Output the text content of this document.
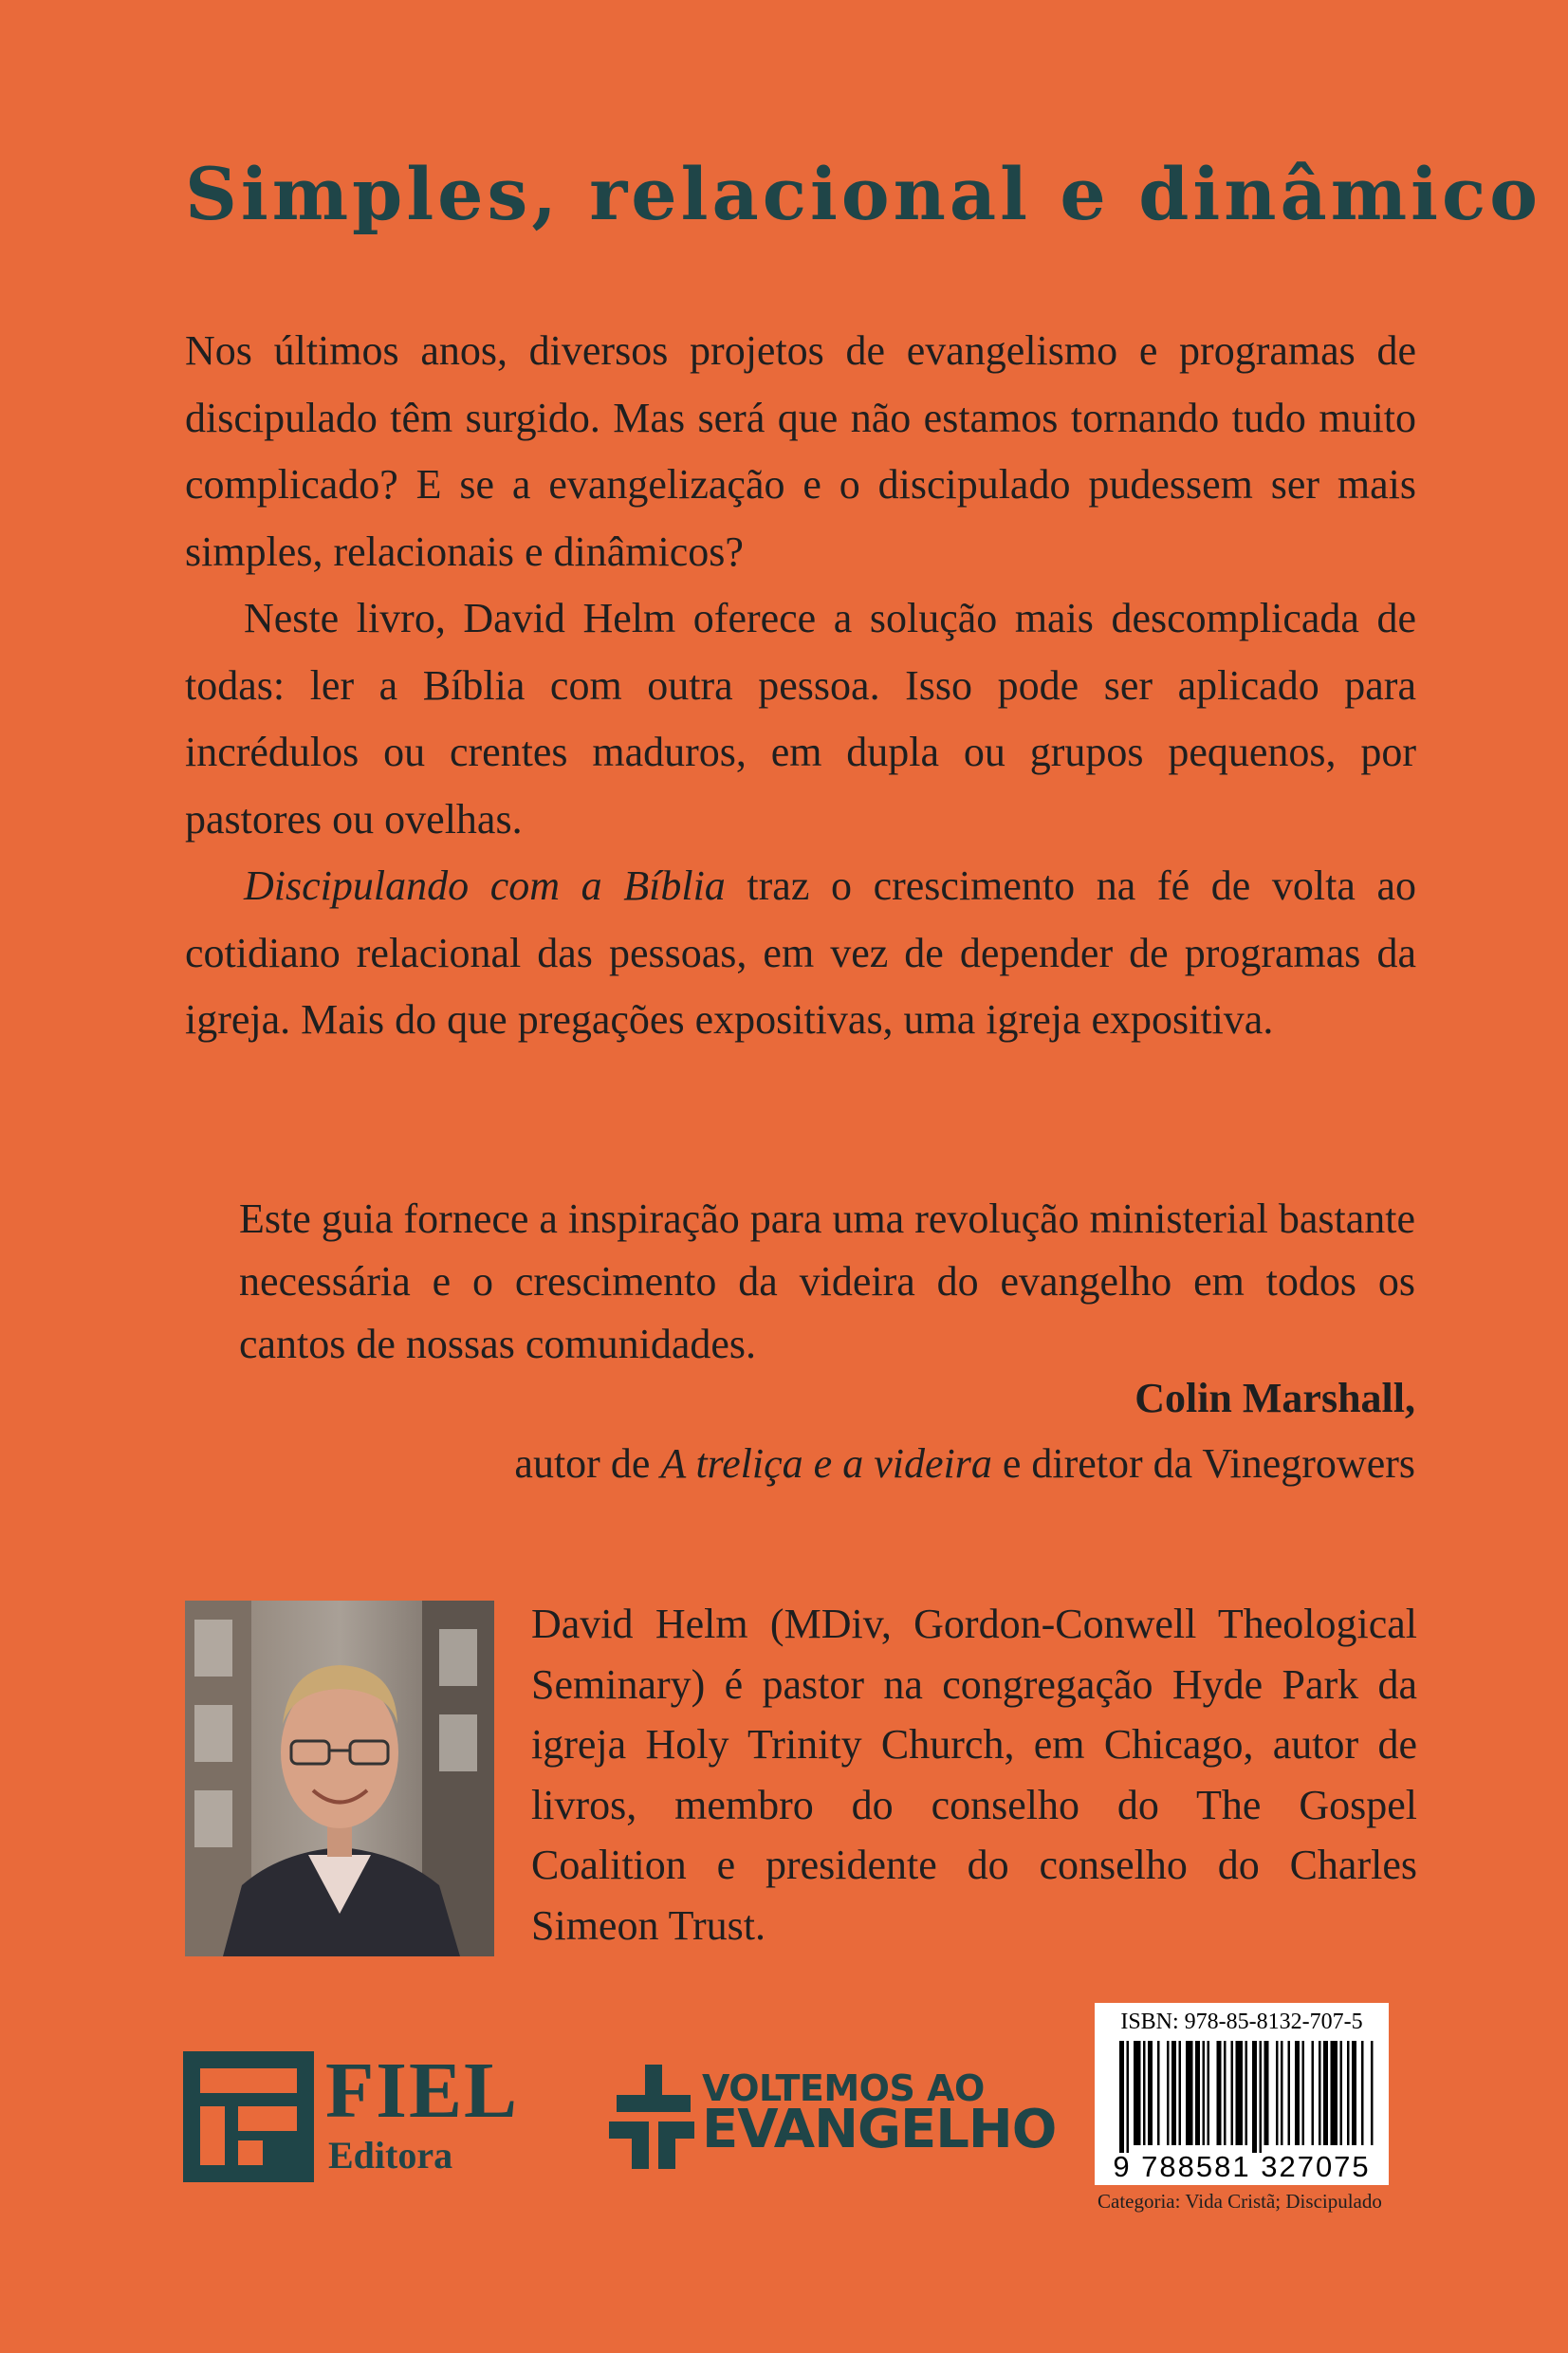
Simples, relacional e dinâmico

Nos últimos anos, diversos projetos de evangelismo e programas de discipulado têm surgido. Mas será que não estamos tornando tudo muito complicado? E se a evangelização e o discipulado pudessem ser mais simples, relacionais e dinâmicos?

Neste livro, David Helm oferece a solução mais descomplicada de todas: ler a Bíblia com outra pessoa. Isso pode ser aplicado para incrédulos ou crentes maduros, em dupla ou grupos pequenos, por pastores ou ovelhas.

Discipulando com a Bíblia traz o crescimento na fé de volta ao cotidiano relacional das pessoas, em vez de depender de programas da igreja. Mais do que pregações expositivas, uma igreja expositiva.

Este guia fornece a inspiração para uma revolução ministerial bastante necessária e o crescimento da videira do evangelho em todos os cantos de nossas comunidades.

Colin Marshall,
autor de A treliça e a videira e diretor da Vinegrowers

David Helm (MDiv, Gordon-Conwell Theological Seminary) é pastor na congregação Hyde Park da igreja Holy Trinity Church, em Chicago, autor de livros, membro do conselho do The Gospel Coalition e presidente do conselho do Charles Simeon Trust.

FIEL
Editora
VOLTEMOS AO
EVANGELHO
ISBN: 978-85-8132-707-5
9 788581 327075
Categoria: Vida Cristã; Discipulado
